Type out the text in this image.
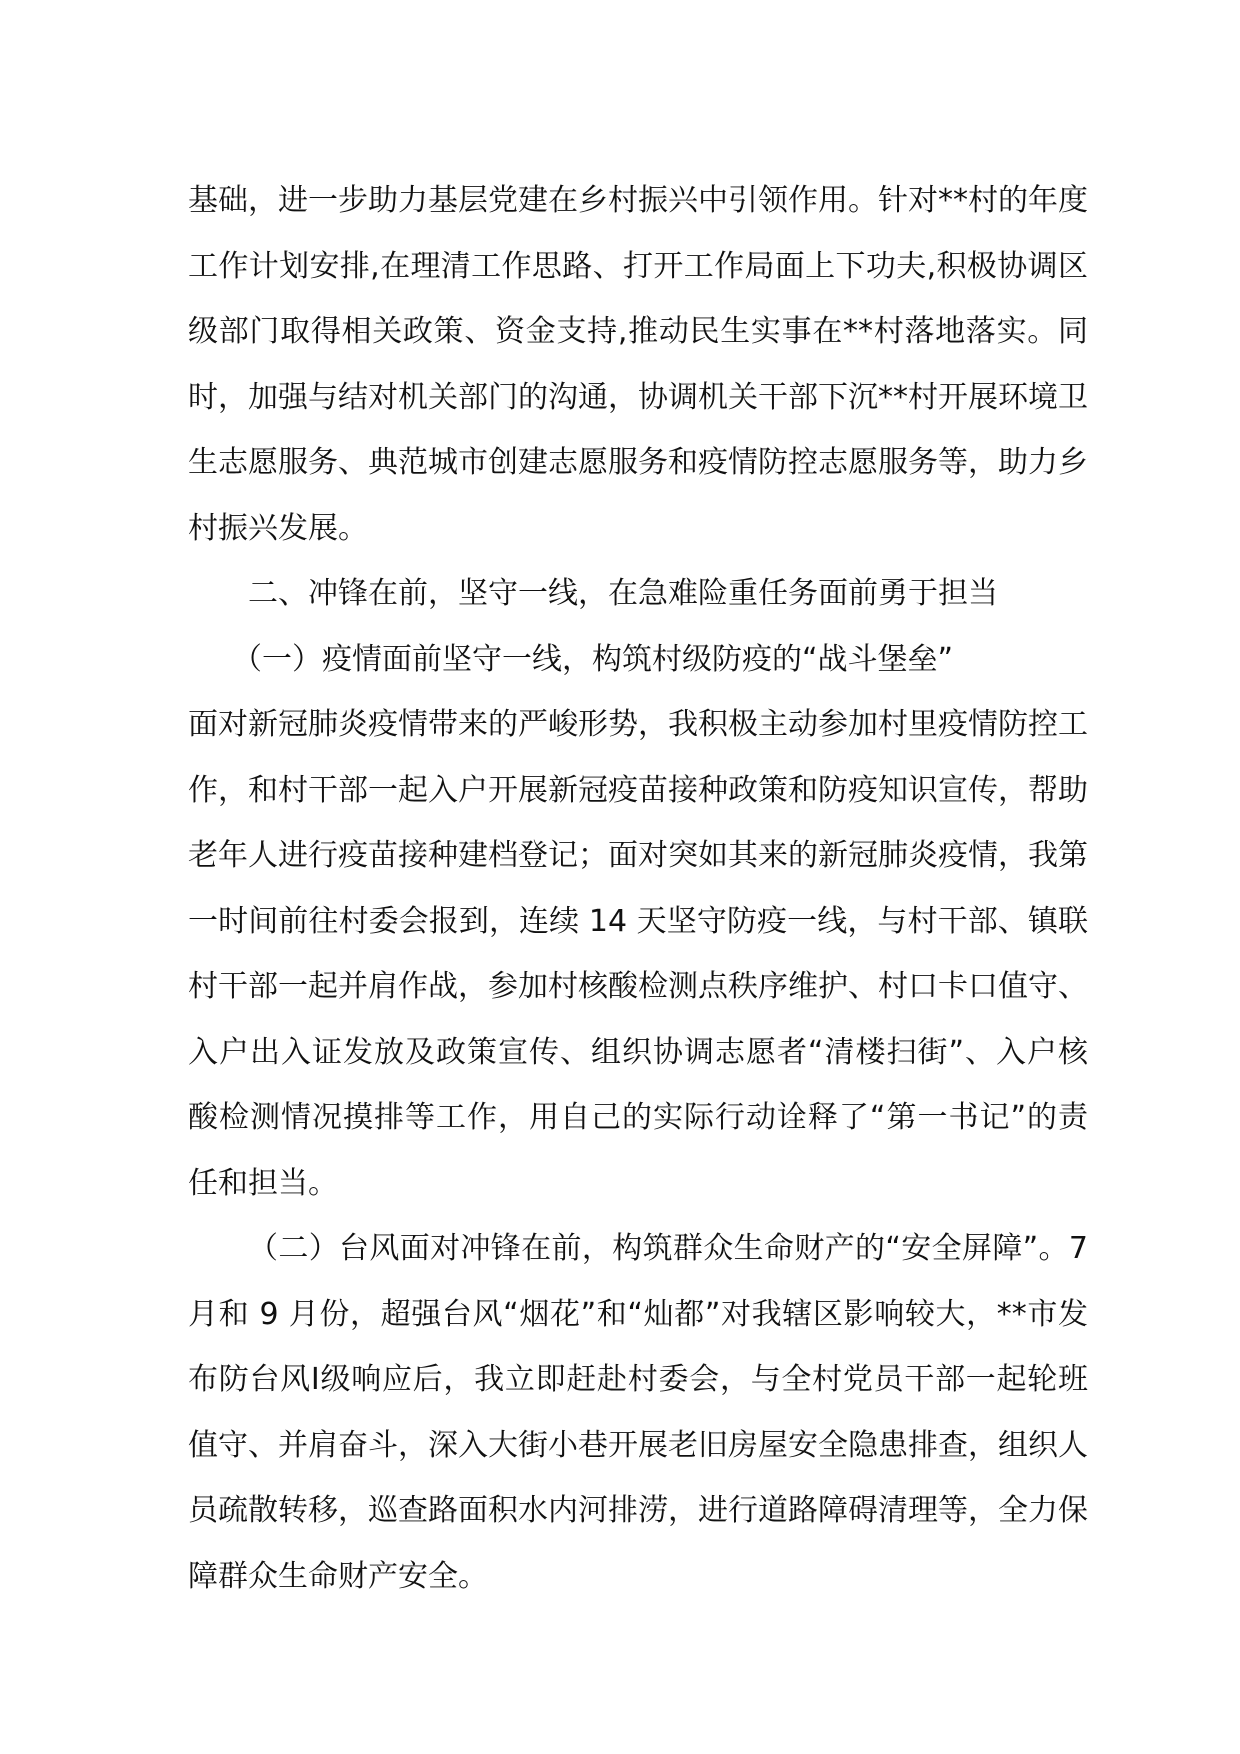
基础，进一步助力基层党建在乡村振兴中引领作用。针对**村的年度工作计划安排,在理清工作思路、打开工作局面上下功夫,积极协调区级部门取得相关政策、资金支持,推动民生实事在**村落地落实。同时，加强与结对机关部门的沟通，协调机关干部下沉**村开展环境卫生志愿服务、典范城市创建志愿服务和疫情防控志愿服务等，助力乡村振兴发展。

二、冲锋在前，坚守一线，在急难险重任务面前勇于担当

（一）疫情面前坚守一线，构筑村级防疫的“战斗堡垒”

面对新冠肺炎疫情带来的严峻形势，我积极主动参加村里疫情防控工作，和村干部一起入户开展新冠疫苗接种政策和防疫知识宣传，帮助老年人进行疫苗接种建档登记；面对突如其来的新冠肺炎疫情，我第一时间前往村委会报到，连续 14 天坚守防疫一线，与村干部、镇联村干部一起并肩作战，参加村核酸检测点秩序维护、村口卡口值守、入户出入证发放及政策宣传、组织协调志愿者“清楼扫街”、入户核酸检测情况摸排等工作，用自己的实际行动诠释了“第一书记”的责任和担当。

（二）台风面对冲锋在前，构筑群众生命财产的“安全屏障”。7 月和 9 月份，超强台风“烟花”和“灿都”对我辖区影响较大，**市发布防台风Ⅰ级响应后，我立即赶赴村委会，与全村党员干部一起轮班值守、并肩奋斗，深入大街小巷开展老旧房屋安全隐患排查，组织人员疏散转移，巡查路面积水内河排涝，进行道路障碍清理等，全力保障群众生命财产安全。
